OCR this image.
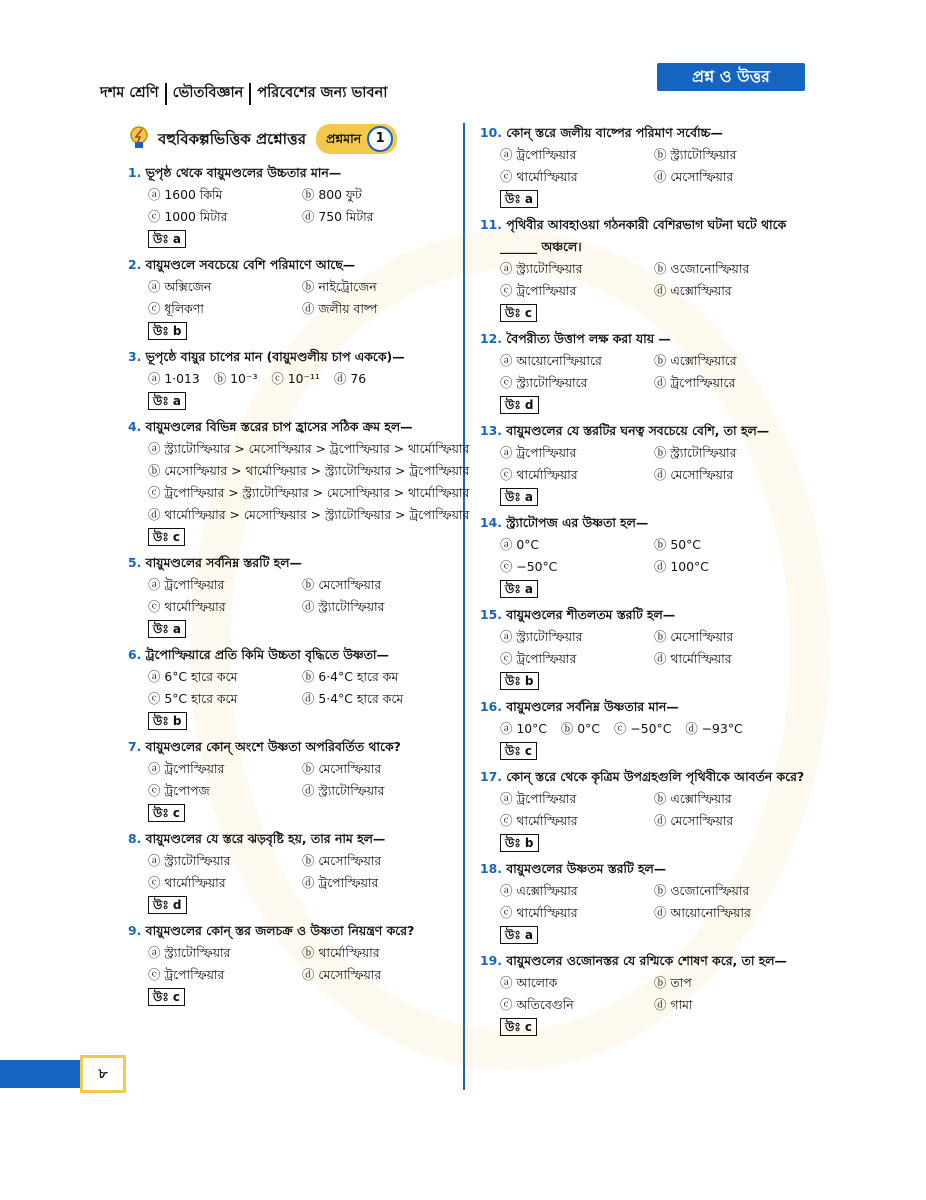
দশম শ্রেণি ভৌতবিজ্ঞান পরিবেশের জন্য ভাবনা
প্রশ্ন ও উত্তর
বহুবিকল্পভিত্তিক প্রশ্নোত্তর প্রশ্নমান	1
1. ভূপৃষ্ঠ থেকে বায়ুমণ্ডলের উচ্চতার মান—
ⓐ 1600 কিমি	ⓑ 800 ফুট
ⓒ 1000 মিটার	ⓓ 750 মিটার
উঃ a
2. বায়ুমণ্ডলে সবচেয়ে বেশি পরিমাণে আছে—
ⓐ অক্সিজেন	ⓑ নাইট্রোজেন
ⓒ ধূলিকণা	ⓓ জলীয় বাষ্প
উঃ b
3. ভূপৃষ্ঠে বায়ুর চাপের মান (বায়ুমণ্ডলীয় চাপ এককে)—
ⓐ 1·013 ⓑ 10⁻³ ⓒ 10⁻¹¹ ⓓ 76
উঃ a
4. বায়ুমণ্ডলের বিভিন্ন স্তরের চাপ হ্রাসের সঠিক ক্রম হল—
ⓐ স্ট্র্যাটোস্ফিয়ার > মেসোস্ফিয়ার > ট্রপোস্ফিয়ার > থার্মোস্ফিয়ার
ⓑ মেসোস্ফিয়ার > থার্মোস্ফিয়ার > স্ট্র্যাটোস্ফিয়ার > ট্রপোস্ফিয়ার
ⓒ ট্রপোস্ফিয়ার > স্ট্র্যাটোস্ফিয়ার > মেসোস্ফিয়ার > থার্মোস্ফিয়ার
ⓓ থার্মোস্ফিয়ার > মেসোস্ফিয়ার > স্ট্র্যাটোস্ফিয়ার > ট্রপোস্ফিয়ার
উঃ c
5. বায়ুমণ্ডলের সর্বনিম্ন স্তরটি হল—
ⓐ ট্রপোস্ফিয়ার	ⓑ মেসোস্ফিয়ার
ⓒ থার্মোস্ফিয়ার	ⓓ স্ট্র্যাটোস্ফিয়ার
উঃ a
6. ট্রপোস্ফিয়ারে প্রতি কিমি উচ্চতা বৃদ্ধিতে উষ্ণতা—
ⓐ 6°C হারে কমে	ⓑ 6·4°C হারে কম
ⓒ 5°C হারে কমে	ⓓ 5·4°C হারে কমে
উঃ b
7. বায়ুমণ্ডলের কোন্ অংশে উষ্ণতা অপরিবর্তিত থাকে?
ⓐ ট্রপোস্ফিয়ার	ⓑ মেসোস্ফিয়ার
ⓒ ট্রপোপজ	ⓓ স্ট্র্যাটোস্ফিয়ার
উঃ c
8. বায়ুমণ্ডলের যে স্তরে ঝড়বৃষ্টি হয়, তার নাম হল—
ⓐ স্ট্র্যাটোস্ফিয়ার	ⓑ মেসোস্ফিয়ার
ⓒ থার্মোস্ফিয়ার	ⓓ ট্রপোস্ফিয়ার
উঃ d
9. বায়ুমণ্ডলের কোন্ স্তর জলচক্র ও উষ্ণতা নিয়ন্ত্রণ করে?
ⓐ স্ট্র্যাটোস্ফিয়ার	ⓑ থার্মোস্ফিয়ার
ⓒ ট্রপোস্ফিয়ার	ⓓ মেসোস্ফিয়ার
উঃ c
10. কোন্ স্তরে জলীয় বাষ্পের পরিমাণ সর্বোচ্চ—
ⓐ ট্রপোস্ফিয়ার	ⓑ স্ট্র্যাটোস্ফিয়ার
ⓒ থার্মোস্ফিয়ার	ⓓ মেসোস্ফিয়ার
উঃ a
11. পৃথিবীর আবহাওয়া গঠনকারী বেশিরভাগ ঘটনা ঘটে থাকে ______ অঞ্চলে।
ⓐ স্ট্র্যাটোস্ফিয়ার	ⓑ ওজোনোস্ফিয়ার
ⓒ ট্রপোস্ফিয়ার	ⓓ এক্সোস্ফিয়ার
উঃ c
12. বৈপরীত্য উত্তাপ লক্ষ করা যায় —
ⓐ আয়োনোস্ফিয়ারে	ⓑ এক্সোস্ফিয়ারে
ⓒ স্ট্র্যাটোস্ফিয়ারে	ⓓ ট্রপোস্ফিয়ারে
উঃ d
13. বায়ুমণ্ডলের যে স্তরটির ঘনত্ব সবচেয়ে বেশি, তা হল—
ⓐ ট্রপোস্ফিয়ার	ⓑ স্ট্র্যাটোস্ফিয়ার
ⓒ থার্মোস্ফিয়ার	ⓓ মেসোস্ফিয়ার
উঃ a
14. স্ট্র্যাটোপজ এর উষ্ণতা হল—
ⓐ 0°C	ⓑ 50°C
ⓒ −50°C	ⓓ 100°C
উঃ a
15. বায়ুমণ্ডলের শীতলতম স্তরটি হল—
ⓐ স্ট্র্যাটোস্ফিয়ার	ⓑ মেসোস্ফিয়ার
ⓒ ট্রপোস্ফিয়ার	ⓓ থার্মোস্ফিয়ার
উঃ b
16. বায়ুমণ্ডলের সর্বনিম্ন উষ্ণতার মান—
ⓐ 10°C ⓑ 0°C ⓒ −50°C ⓓ −93°C
উঃ c
17. কোন্ স্তরে থেকে কৃত্রিম উপগ্রহগুলি পৃথিবীকে আবর্তন করে?
ⓐ ট্রপোস্ফিয়ার	ⓑ এক্সোস্ফিয়ার
ⓒ থার্মোস্ফিয়ার	ⓓ মেসোস্ফিয়ার
উঃ b
18. বায়ুমণ্ডলের উষ্ণতম স্তরটি হল—
ⓐ এক্সোস্ফিয়ার	ⓑ ওজোনোস্ফিয়ার
ⓒ থার্মোস্ফিয়ার	ⓓ আয়োনোস্ফিয়ার
উঃ a
19. বায়ুমণ্ডলের ওজোনস্তর যে রশ্মিকে শোষণ করে, তা হল—
ⓐ আলোক	ⓑ তাপ
ⓒ অতিবেগুনি	ⓓ গামা
উঃ c
৮
